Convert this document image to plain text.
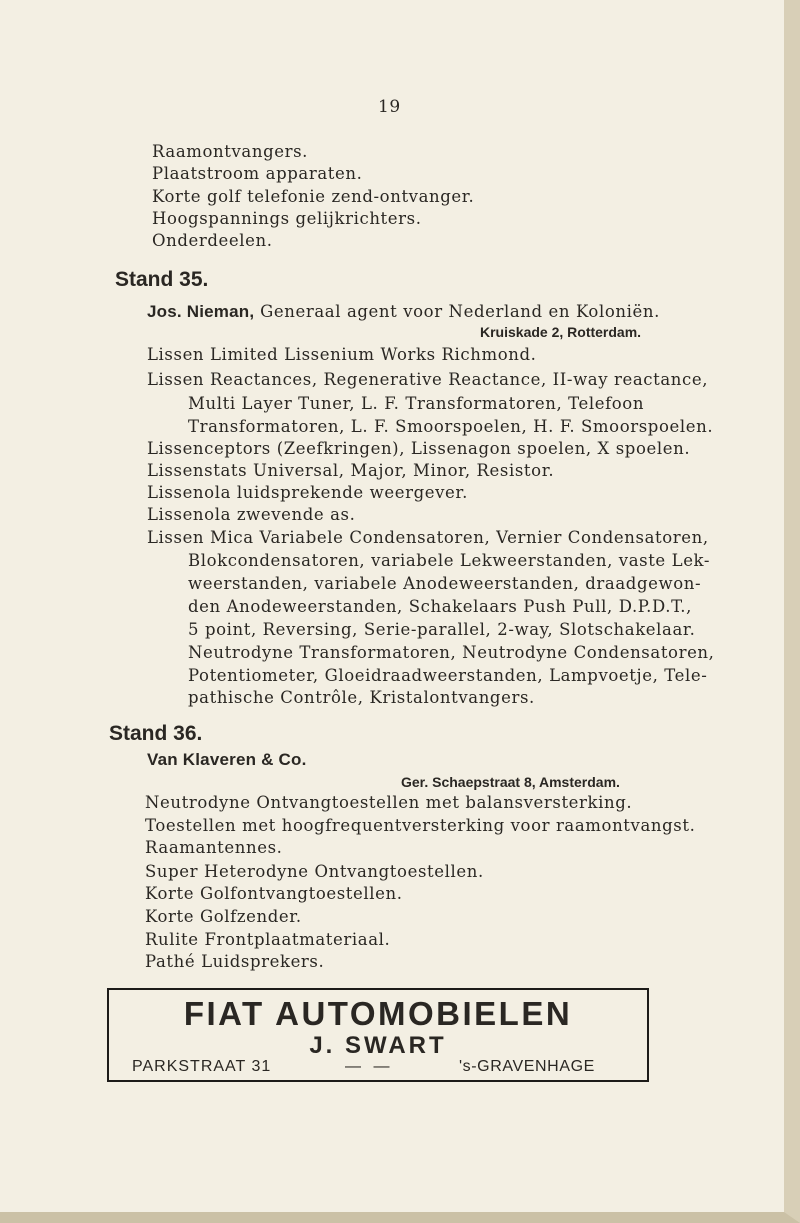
19
Raamontvangers.
Plaatstroom apparaten.
Korte golf telefonie zend-ontvanger.
Hoogspannings gelijkrichters.
Onderdeelen.
Stand 35.
Jos. Nieman, Generaal agent voor Nederland en Koloniën.
Kruiskade 2, Rotterdam.
Lissen Limited Lissenium Works Richmond.
Lissen Reactances, Regenerative Reactance, II-way reactance,
Multi Layer Tuner, L. F. Transformatoren, Telefoon
Transformatoren, L. F. Smoorspoelen, H. F. Smoorspoelen.
Lissenceptors (Zeefkringen), Lissenagon spoelen, X spoelen.
Lissenstats Universal, Major, Minor, Resistor.
Lissenola luidsprekende weergever.
Lissenola zwevende as.
Lissen Mica Variabele Condensatoren, Vernier Condensatoren,
Blokcondensatoren, variabele Lekweerstanden, vaste Lek-
weerstanden, variabele Anodeweerstanden, draadgewon-
den Anodeweerstanden, Schakelaars Push Pull, D.P.D.T.,
5 point, Reversing, Serie-parallel, 2-way, Slotschakelaar.
Neutrodyne Transformatoren, Neutrodyne Condensatoren,
Potentiometer, Gloeidraadweerstanden, Lampvoetje, Tele-
pathische Contrôle, Kristalontvangers.
Stand 36.
Van Klaveren & Co.
Ger. Schaepstraat 8, Amsterdam.
Neutrodyne Ontvangtoestellen met balansversterking.
Toestellen met hoogfrequentversterking voor raamontvangst.
Raamantennes.
Super Heterodyne Ontvangtoestellen.
Korte Golfontvangtoestellen.
Korte Golfzender.
Rulite Frontplaatmateriaal.
Pathé Luidsprekers.
FIAT AUTOMOBIELEN
J. SWART
PARKSTRAAT 31	— —	's-GRAVENHAGE
